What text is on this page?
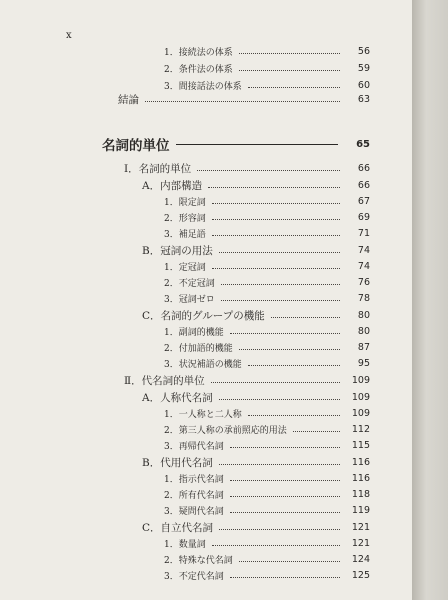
x
1．接続法の体系	56
2．条件法の体系	59
3．間接話法の体系	60
結論	63
名詞的単位	65
Ⅰ．名詞的単位	66
A．内部構造	66
1．限定詞	67
2．形容詞	69
3．補足語	71
B．冠詞の用法	74
1．定冠詞	74
2．不定冠詞	76
3．冠詞ゼロ	78
C．名詞的グループの機能	80
1．副詞的機能	80
2．付加語的機能	87
3．状況補語の機能	95
Ⅱ．代名詞的単位	109
A．人称代名詞	109
1．一人称と二人称	109
2．第三人称の承前照応的用法	112
3．再帰代名詞	115
B．代用代名詞	116
1．指示代名詞	116
2．所有代名詞	118
3．疑問代名詞	119
C．自立代名詞	121
1．数量詞	121
2．特殊な代名詞	124
3．不定代名詞	125
